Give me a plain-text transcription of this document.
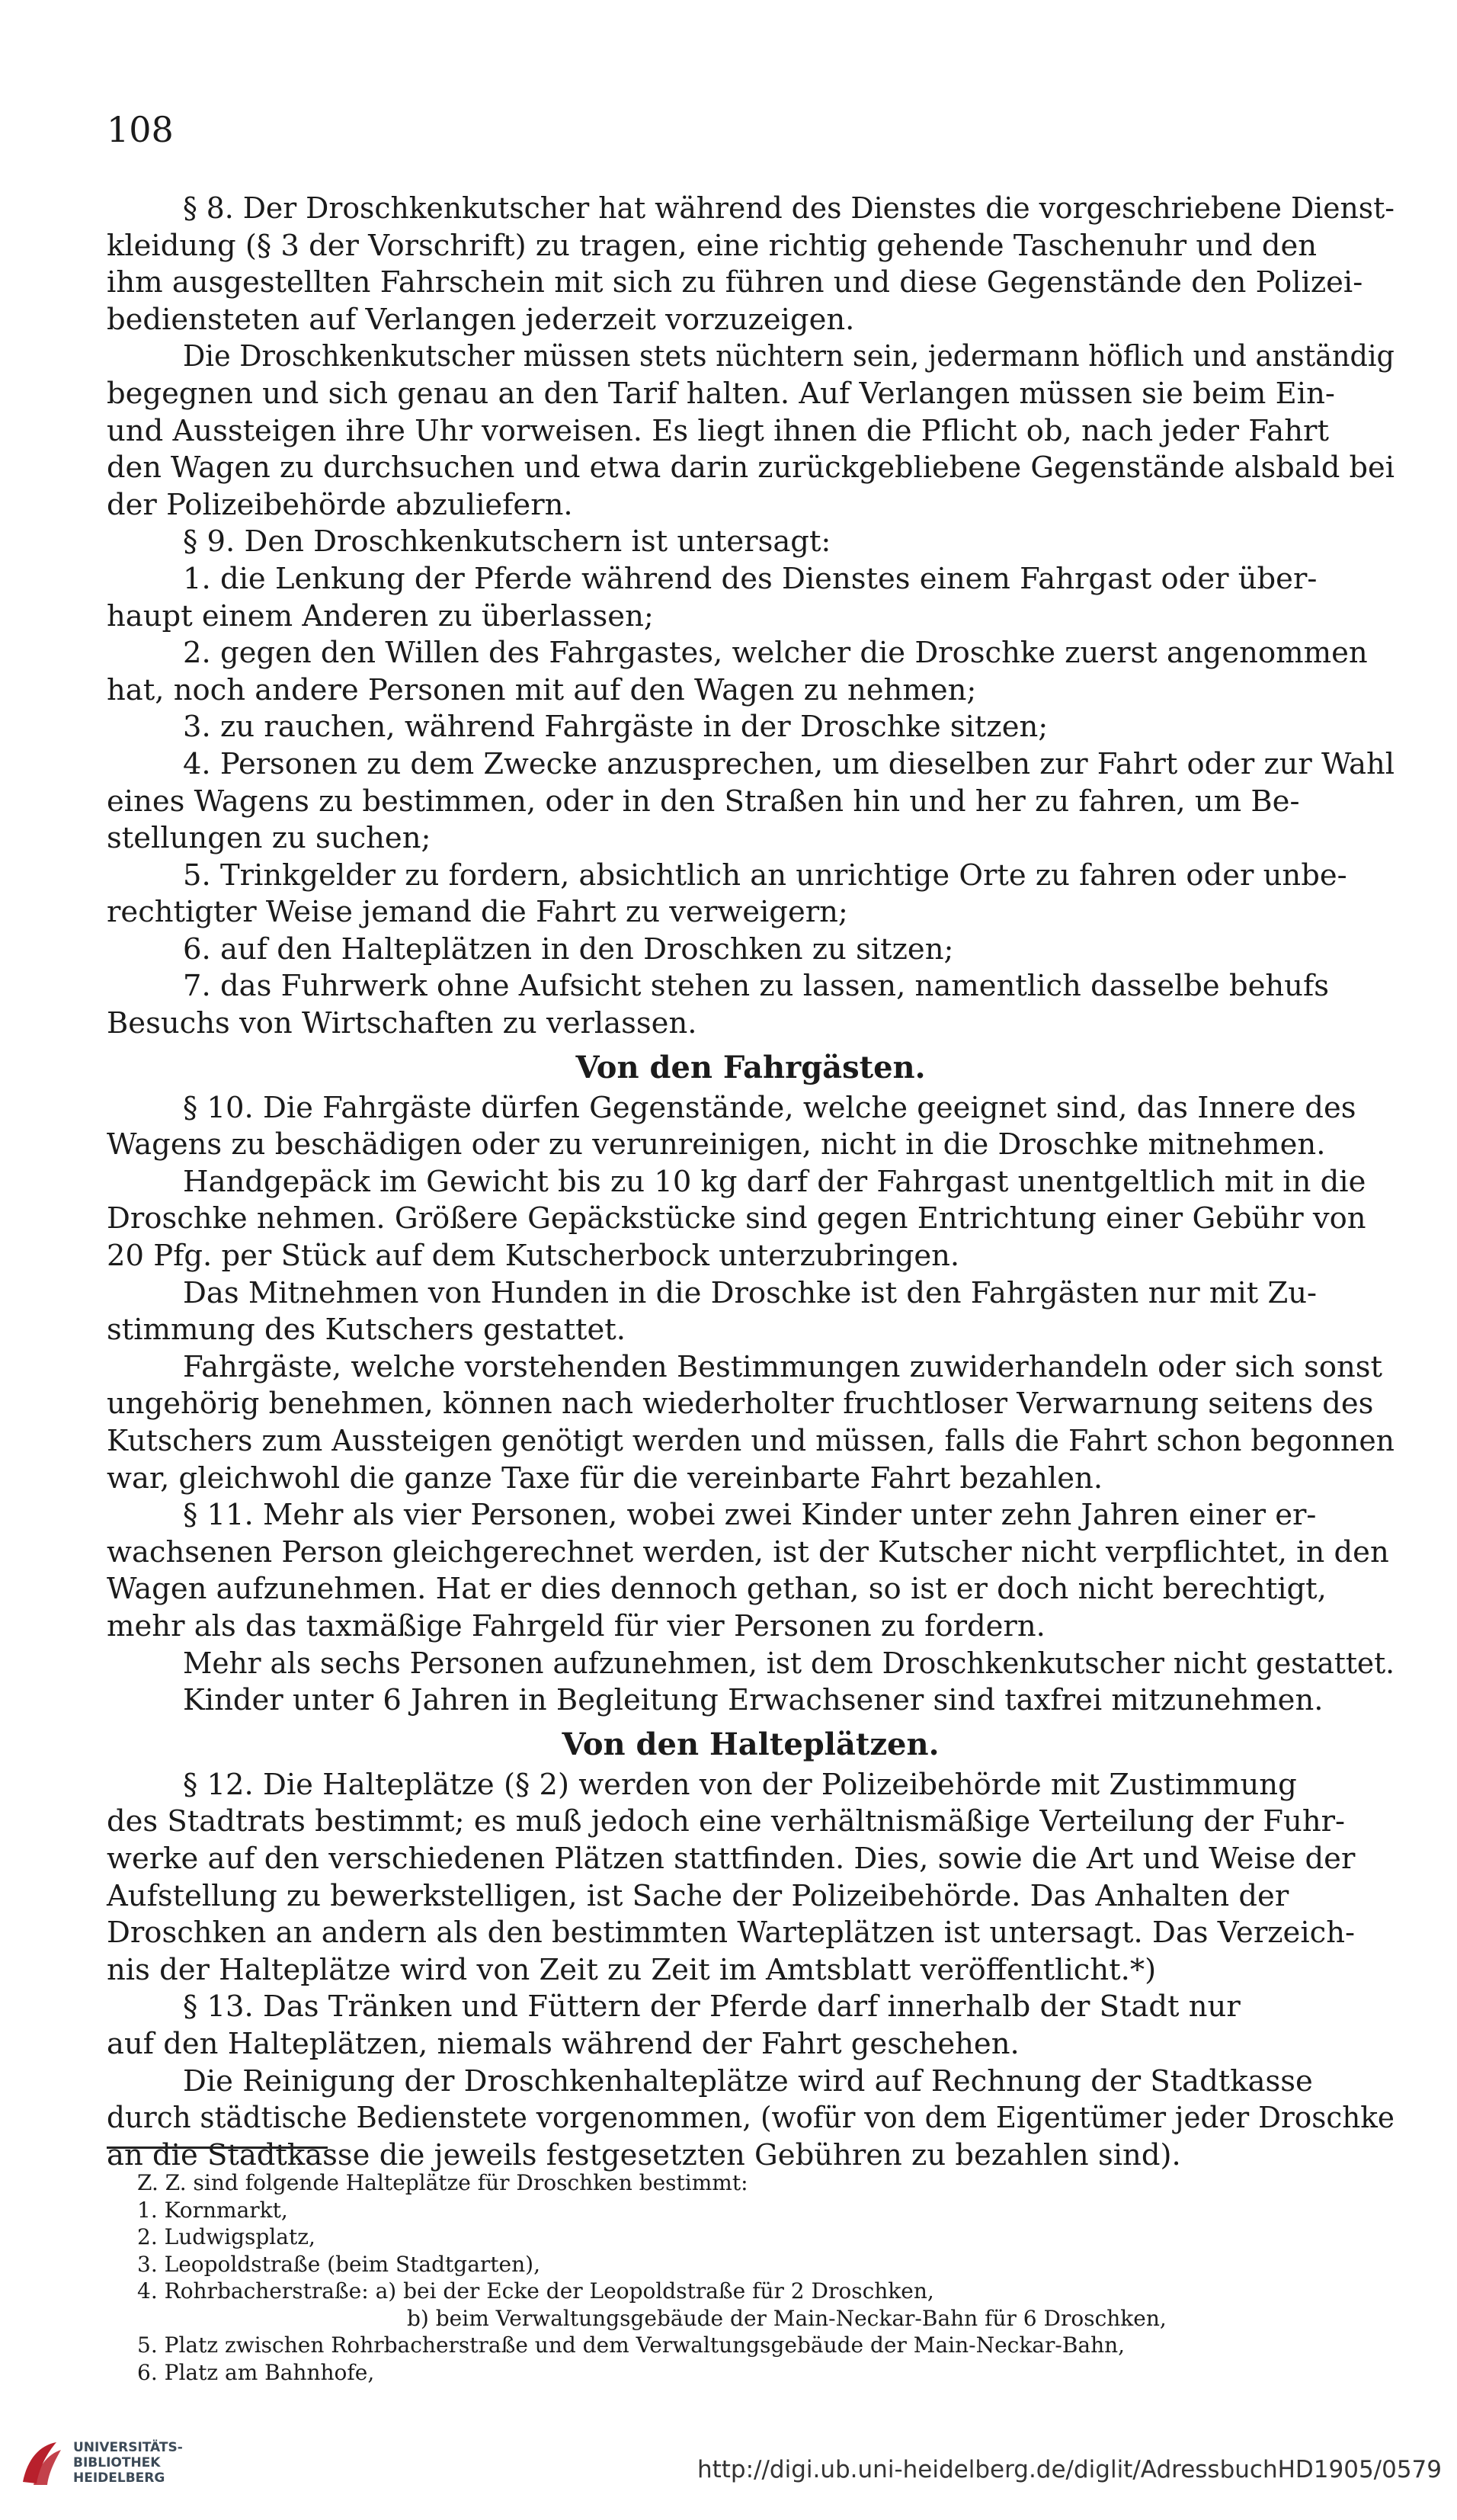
108
§ 8. Der Droschkenkutscher hat während des Dienstes die vorgeschriebene Dienst-
kleidung (§ 3 der Vorschrift) zu tragen, eine richtig gehende Taschenuhr und den
ihm ausgestellten Fahrschein mit sich zu führen und diese Gegenstände den Polizei-
bediensteten auf Verlangen jederzeit vorzuzeigen.
Die Droschkenkutscher müssen stets nüchtern sein, jedermann höflich und anständig
begegnen und sich genau an den Tarif halten. Auf Verlangen müssen sie beim Ein-
und Aussteigen ihre Uhr vorweisen. Es liegt ihnen die Pflicht ob, nach jeder Fahrt
den Wagen zu durchsuchen und etwa darin zurückgebliebene Gegenstände alsbald bei
der Polizeibehörde abzuliefern.
§ 9. Den Droschkenkutschern ist untersagt:
1. die Lenkung der Pferde während des Dienstes einem Fahrgast oder über-
haupt einem Anderen zu überlassen;
2. gegen den Willen des Fahrgastes, welcher die Droschke zuerst angenommen
hat, noch andere Personen mit auf den Wagen zu nehmen;
3. zu rauchen, während Fahrgäste in der Droschke sitzen;
4. Personen zu dem Zwecke anzusprechen, um dieselben zur Fahrt oder zur Wahl
eines Wagens zu bestimmen, oder in den Straßen hin und her zu fahren, um Be-
stellungen zu suchen;
5. Trinkgelder zu fordern, absichtlich an unrichtige Orte zu fahren oder unbe-
rechtigter Weise jemand die Fahrt zu verweigern;
6. auf den Halteplätzen in den Droschken zu sitzen;
7. das Fuhrwerk ohne Aufsicht stehen zu lassen, namentlich dasselbe behufs
Besuchs von Wirtschaften zu verlassen.
Von den Fahrgästen.
§ 10. Die Fahrgäste dürfen Gegenstände, welche geeignet sind, das Innere des
Wagens zu beschädigen oder zu verunreinigen, nicht in die Droschke mitnehmen.
Handgepäck im Gewicht bis zu 10 kg darf der Fahrgast unentgeltlich mit in die
Droschke nehmen. Größere Gepäckstücke sind gegen Entrichtung einer Gebühr von
20 Pfg. per Stück auf dem Kutscherbock unterzubringen.
Das Mitnehmen von Hunden in die Droschke ist den Fahrgästen nur mit Zu-
stimmung des Kutschers gestattet.
Fahrgäste, welche vorstehenden Bestimmungen zuwiderhandeln oder sich sonst
ungehörig benehmen, können nach wiederholter fruchtloser Verwarnung seitens des
Kutschers zum Aussteigen genötigt werden und müssen, falls die Fahrt schon begonnen
war, gleichwohl die ganze Taxe für die vereinbarte Fahrt bezahlen.
§ 11. Mehr als vier Personen, wobei zwei Kinder unter zehn Jahren einer er-
wachsenen Person gleichgerechnet werden, ist der Kutscher nicht verpflichtet, in den
Wagen aufzunehmen. Hat er dies dennoch gethan, so ist er doch nicht berechtigt,
mehr als das taxmäßige Fahrgeld für vier Personen zu fordern.
Mehr als sechs Personen aufzunehmen, ist dem Droschkenkutscher nicht gestattet.
Kinder unter 6 Jahren in Begleitung Erwachsener sind taxfrei mitzunehmen.
Von den Halteplätzen.
§ 12. Die Halteplätze (§ 2) werden von der Polizeibehörde mit Zustimmung
des Stadtrats bestimmt; es muß jedoch eine verhältnismäßige Verteilung der Fuhr-
werke auf den verschiedenen Plätzen stattfinden. Dies, sowie die Art und Weise der
Aufstellung zu bewerkstelligen, ist Sache der Polizeibehörde. Das Anhalten der
Droschken an andern als den bestimmten Warteplätzen ist untersagt. Das Verzeich-
nis der Halteplätze wird von Zeit zu Zeit im Amtsblatt veröffentlicht.*)
§ 13. Das Tränken und Füttern der Pferde darf innerhalb der Stadt nur
auf den Halteplätzen, niemals während der Fahrt geschehen.
Die Reinigung der Droschkenhalteplätze wird auf Rechnung der Stadtkasse
durch städtische Bedienstete vorgenommen, (wofür von dem Eigentümer jeder Droschke
an die Stadtkasse die jeweils festgesetzten Gebühren zu bezahlen sind).
Z. Z. sind folgende Halteplätze für Droschken bestimmt:
1. Kornmarkt,
2. Ludwigsplatz,
3. Leopoldstraße (beim Stadtgarten),
4. Rohrbacherstraße: a) bei der Ecke der Leopoldstraße für 2 Droschken,
b) beim Verwaltungsgebäude der Main-Neckar-Bahn für 6 Droschken,
5. Platz zwischen Rohrbacherstraße und dem Verwaltungsgebäude der Main-Neckar-Bahn,
6. Platz am Bahnhofe,
UNIVERSITÄTS-
BIBLIOTHEK
HEIDELBERG	http://digi.ub.uni-heidelberg.de/diglit/AdressbuchHD1905/0579
